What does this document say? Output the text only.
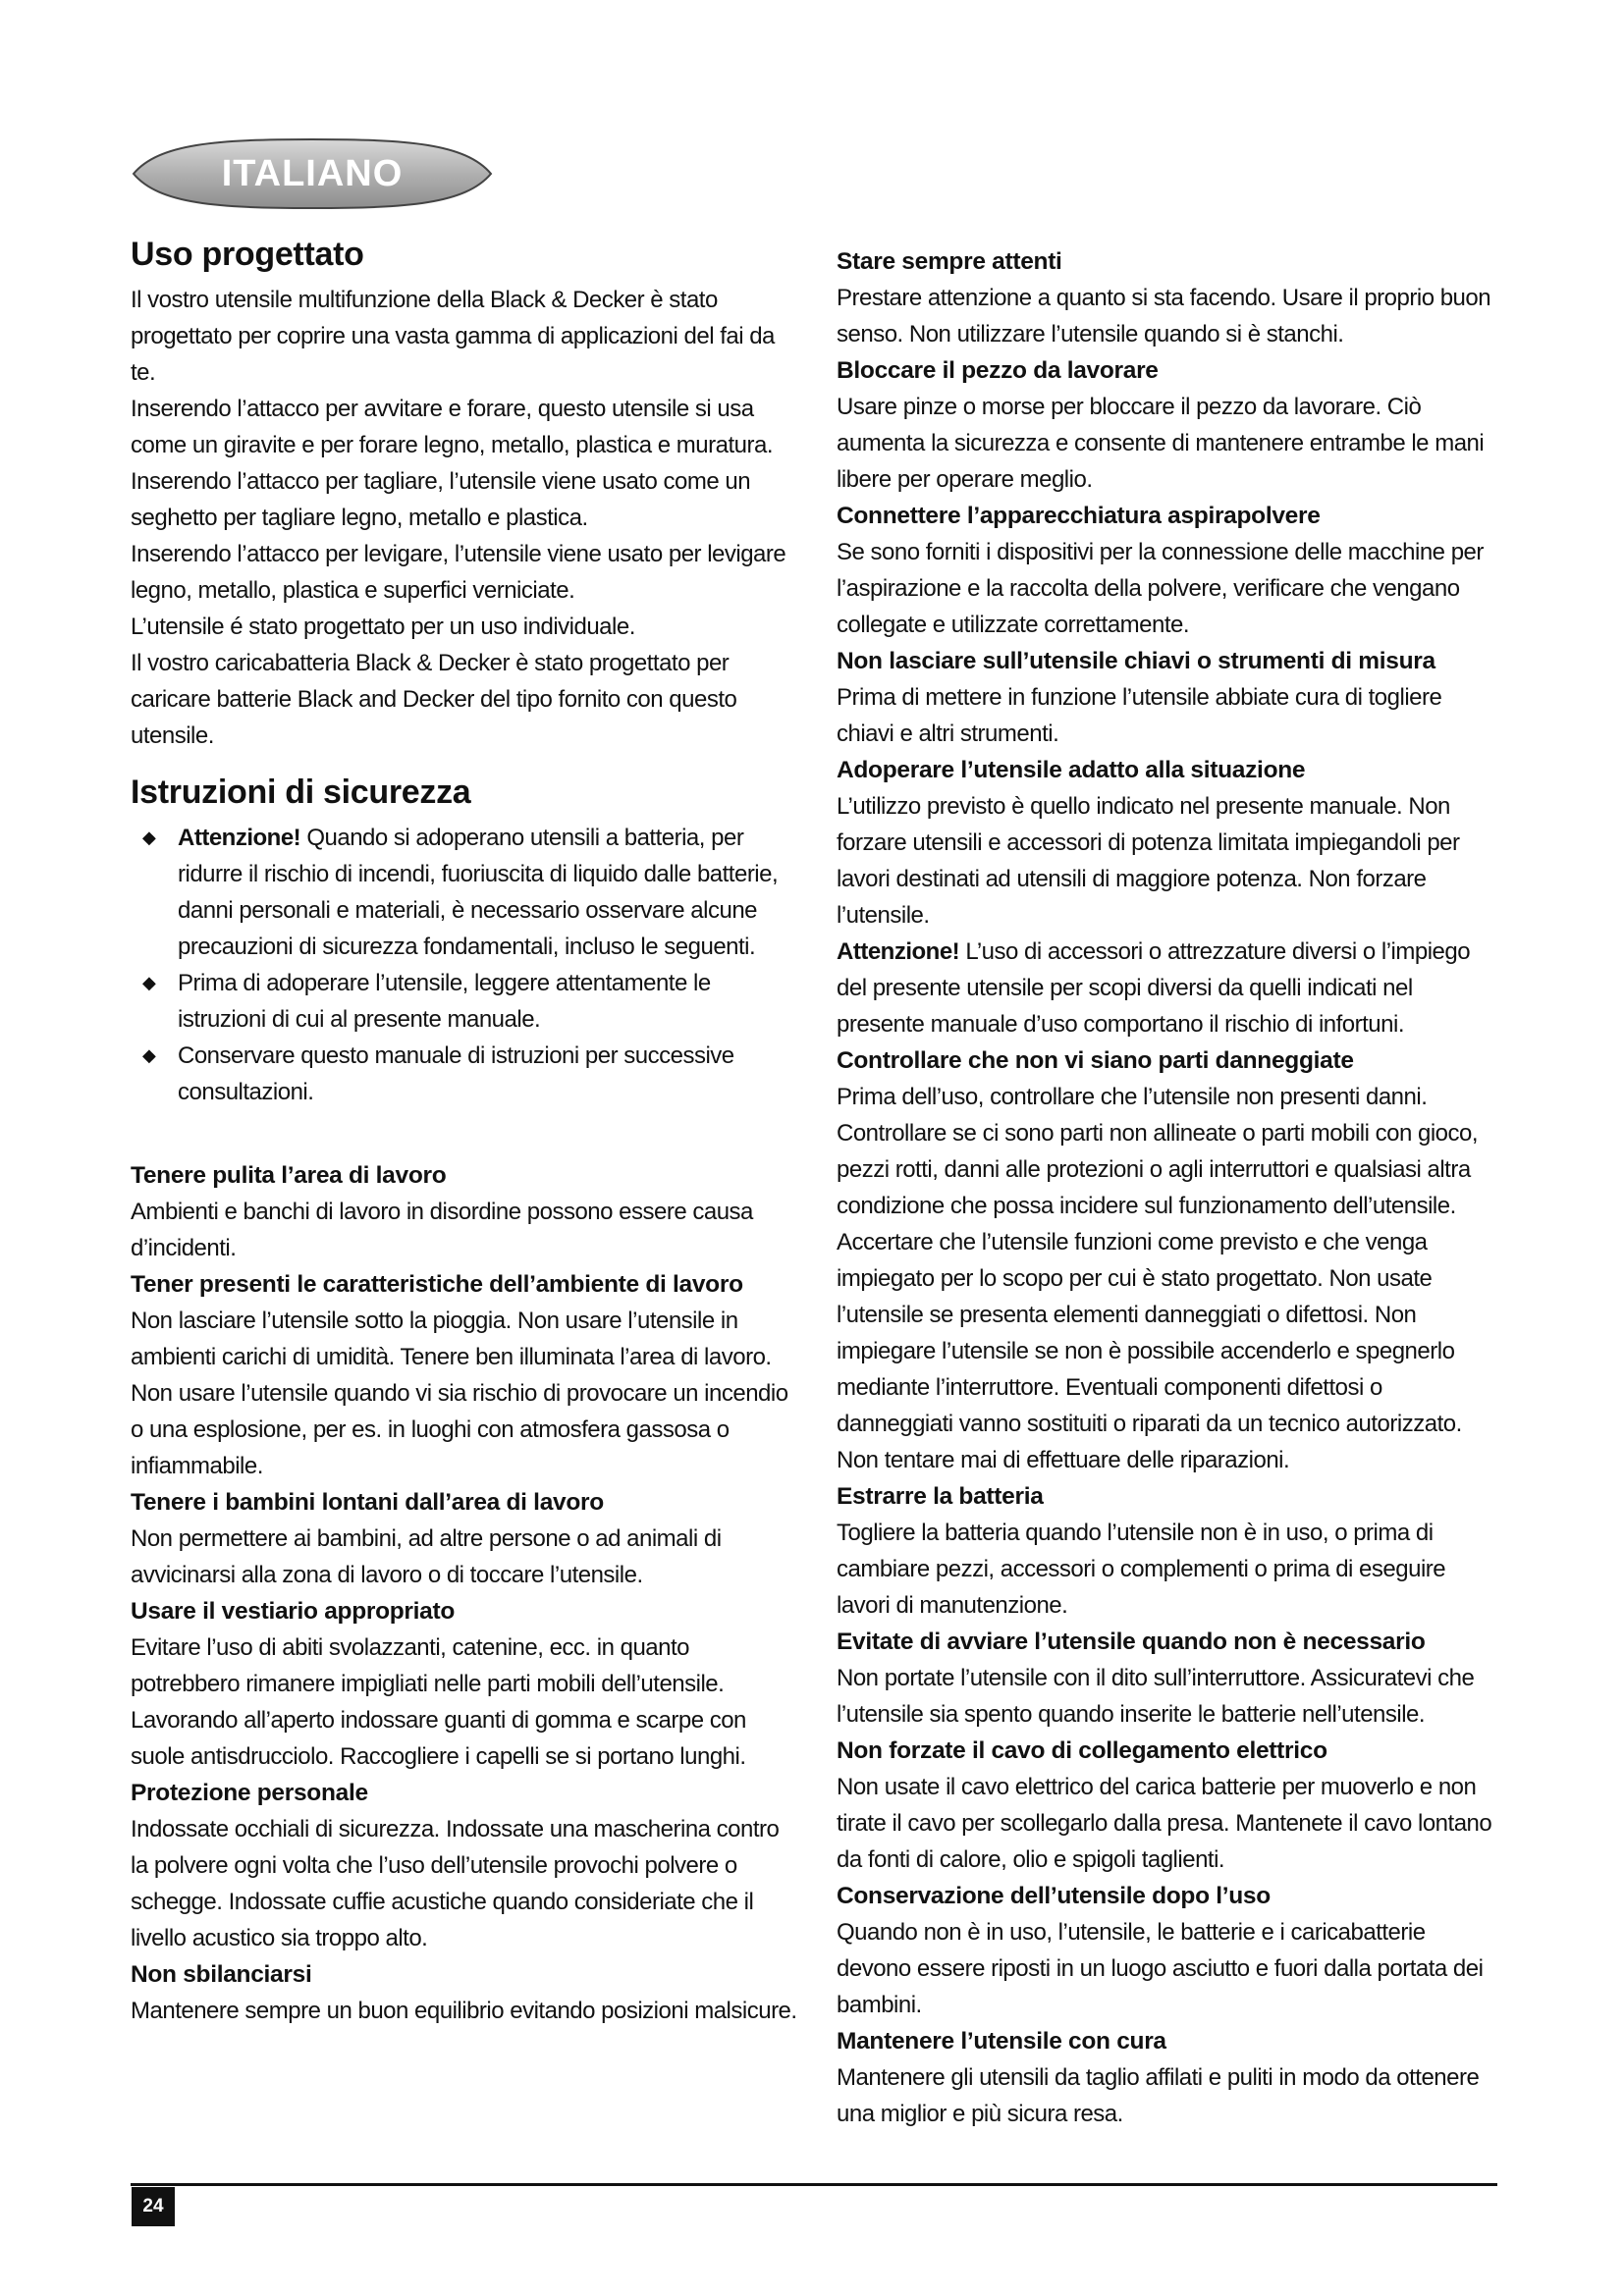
ITALIANO
Uso progettato

Il vostro utensile multifunzione della Black & Decker è stato progettato per coprire una vasta gamma di applicazioni del fai da te.

Inserendo l’attacco per avvitare e forare, questo utensile si usa come un giravite e per forare legno, metallo, plastica e muratura.

Inserendo l’attacco per tagliare, l’utensile viene usato come un seghetto per tagliare legno, metallo e plastica.

Inserendo l’attacco per levigare, l’utensile viene usato per levigare legno, metallo, plastica e superfici verniciate.

L’utensile é stato progettato per un uso individuale.

Il vostro caricabatteria Black & Decker è stato progettato per caricare batterie Black and Decker del tipo fornito con questo utensile.

Istruzioni di sicurezza
◆ Attenzione! Quando si adoperano utensili a batteria, per ridurre il rischio di incendi, fuoriuscita di liquido dalle batterie, danni personali e materiali, è necessario osservare alcune precauzioni di sicurezza fondamentali, incluso le seguenti.
◆ Prima di adoperare l’utensile, leggere attentamente le istruzioni di cui al presente manuale.
◆ Conservare questo manuale di istruzioni per successive consultazioni.
Tenere pulita l’area di lavoro

Ambienti e banchi di lavoro in disordine possono essere causa d’incidenti.

Tener presenti le caratteristiche dell’ambiente di lavoro

Non lasciare l’utensile sotto la pioggia. Non usare l’utensile in ambienti carichi di umidità. Tenere ben illuminata l’area di lavoro. Non usare l’utensile quando vi sia rischio di provocare un incendio o una esplosione, per es. in luoghi con atmosfera gassosa o infiammabile.

Tenere i bambini lontani dall’area di lavoro

Non permettere ai bambini, ad altre persone o ad animali di avvicinarsi alla zona di lavoro o di toccare l’utensile.

Usare il vestiario appropriato

Evitare l’uso di abiti svolazzanti, catenine, ecc. in quanto potrebbero rimanere impigliati nelle parti mobili dell’utensile. Lavorando all’aperto indossare guanti di gomma e scarpe con suole antisdrucciolo. Raccogliere i capelli se si portano lunghi.

Protezione personale

Indossate occhiali di sicurezza. Indossate una mascherina contro la polvere ogni volta che l’uso dell’utensile provochi polvere o schegge. Indossate cuffie acustiche quando consideriate che il livello acustico sia troppo alto.

Non sbilanciarsi

Mantenere sempre un buon equilibrio evitando posizioni malsicure.

Stare sempre attenti

Prestare attenzione a quanto si sta facendo. Usare il proprio buon senso. Non utilizzare l’utensile quando si è stanchi.

Bloccare il pezzo da lavorare

Usare pinze o morse per bloccare il pezzo da lavorare. Ciò aumenta la sicurezza e consente di mantenere entrambe le mani libere per operare meglio.

Connettere l’apparecchiatura aspirapolvere

Se sono forniti i dispositivi per la connessione delle macchine per l’aspirazione e la raccolta della polvere, verificare che vengano collegate e utilizzate correttamente.

Non lasciare sull’utensile chiavi o strumenti di misura

Prima di mettere in funzione l’utensile abbiate cura di togliere chiavi e altri strumenti.

Adoperare l’utensile adatto alla situazione

L’utilizzo previsto è quello indicato nel presente manuale. Non forzare utensili e accessori di potenza limitata impiegandoli per lavori destinati ad utensili di maggiore potenza. Non forzare l’utensile.

Attenzione! L’uso di accessori o attrezzature diversi o l’impiego del presente utensile per scopi diversi da quelli indicati nel presente manuale d’uso comportano il rischio di infortuni.

Controllare che non vi siano parti danneggiate

Prima dell’uso, controllare che l’utensile non presenti danni. Controllare se ci sono parti non allineate o parti mobili con gioco, pezzi rotti, danni alle protezioni o agli interruttori e qualsiasi altra condizione che possa incidere sul funzionamento dell’utensile. Accertare che l’utensile funzioni come previsto e che venga impiegato per lo scopo per cui è stato progettato. Non usate l’utensile se presenta elementi danneggiati o difettosi. Non impiegare l’utensile se non è possibile accenderlo e spegnerlo mediante l’interruttore. Eventuali componenti difettosi o danneggiati vanno sostituiti o riparati da un tecnico autorizzato. Non tentare mai di effettuare delle riparazioni.

Estrarre la batteria

Togliere la batteria quando l’utensile non è in uso, o prima di cambiare pezzi, accessori o complementi o prima di eseguire lavori di manutenzione.

Evitate di avviare l’utensile quando non è necessario

Non portate l’utensile con il dito sull’interruttore. Assicuratevi che l’utensile sia spento quando inserite le batterie nell’utensile.

Non forzate il cavo di collegamento elettrico

Non usate il cavo elettrico del carica batterie per muoverlo e non tirate il cavo per scollegarlo dalla presa. Mantenete il cavo lontano da fonti di calore, olio e spigoli taglienti.

Conservazione dell’utensile dopo l’uso

Quando non è in uso, l’utensile, le batterie e i caricabatterie devono essere riposti in un luogo asciutto e fuori dalla portata dei bambini.

Mantenere l’utensile con cura

Mantenere gli utensili da taglio affilati e puliti in modo da ottenere una miglior e più sicura resa.

24
